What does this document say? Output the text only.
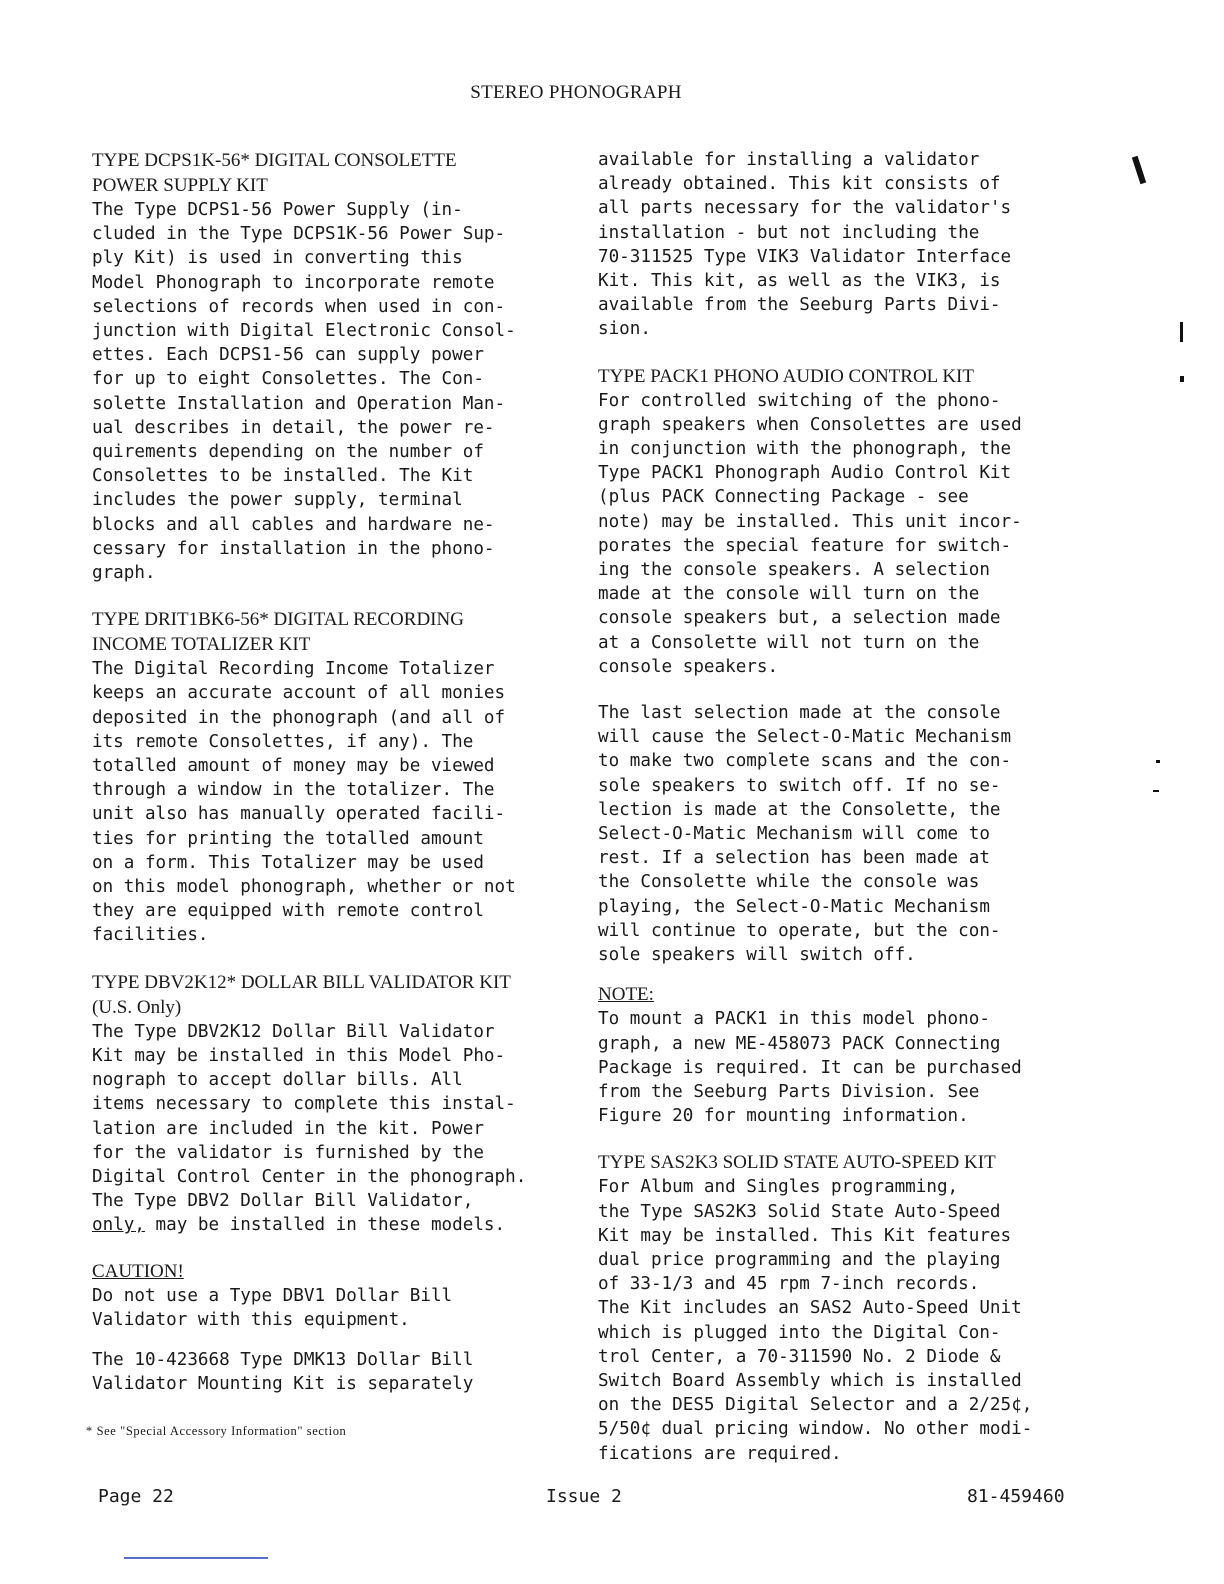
STEREO PHONOGRAPH

TYPE DCPS1K-56* DIGITAL CONSOLETTE
POWER SUPPLY KIT

The Type DCPS1-56 Power Supply (in-
cluded in the Type DCPS1K-56 Power Sup-
ply Kit) is used in converting this
Model Phonograph to incorporate remote
selections of records when used in con-
junction with Digital Electronic Consol-
ettes. Each DCPS1-56 can supply power
for up to eight Consolettes. The Con-
solette Installation and Operation Man-
ual describes in detail, the power re-
quirements depending on the number of
Consolettes to be installed. The Kit
includes the power supply, terminal
blocks and all cables and hardware ne-
cessary for installation in the phono-
graph.

TYPE DRIT1BK6-56* DIGITAL RECORDING
INCOME TOTALIZER KIT

The Digital Recording Income Totalizer
keeps an accurate account of all monies
deposited in the phonograph (and all of
its remote Consolettes, if any). The
totalled amount of money may be viewed
through a window in the totalizer. The
unit also has manually operated facili-
ties for printing the totalled amount
on a form. This Totalizer may be used
on this model phonograph, whether or not
they are equipped with remote control
facilities.

TYPE DBV2K12* DOLLAR BILL VALIDATOR KIT
(U.S. Only)

The Type DBV2K12 Dollar Bill Validator
Kit may be installed in this Model Pho-
nograph to accept dollar bills. All
items necessary to complete this instal-
lation are included in the kit. Power
for the validator is furnished by the
Digital Control Center in the phonograph.
The Type DBV2 Dollar Bill Validator,
only, may be installed in these models.

CAUTION!

Do not use a Type DBV1 Dollar Bill
Validator with this equipment.

The 10-423668 Type DMK13 Dollar Bill
Validator Mounting Kit is separately

available for installing a validator
already obtained. This kit consists of
all parts necessary for the validator's
installation - but not including the
70-311525 Type VIK3 Validator Interface
Kit. This kit, as well as the VIK3, is
available from the Seeburg Parts Divi-
sion.

TYPE PACK1 PHONO AUDIO CONTROL KIT

For controlled switching of the phono-
graph speakers when Consolettes are used
in conjunction with the phonograph, the
Type PACK1 Phonograph Audio Control Kit
(plus PACK Connecting Package - see
note) may be installed. This unit incor-
porates the special feature for switch-
ing the console speakers. A selection
made at the console will turn on the
console speakers but, a selection made
at a Consolette will not turn on the
console speakers.

The last selection made at the console
will cause the Select-O-Matic Mechanism
to make two complete scans and the con-
sole speakers to switch off. If no se-
lection is made at the Consolette, the
Select-O-Matic Mechanism will come to
rest. If a selection has been made at
the Consolette while the console was
playing, the Select-O-Matic Mechanism
will continue to operate, but the con-
sole speakers will switch off.

NOTE:

To mount a PACK1 in this model phono-
graph, a new ME-458073 PACK Connecting
Package is required. It can be purchased
from the Seeburg Parts Division. See
Figure 20 for mounting information.

TYPE SAS2K3 SOLID STATE AUTO-SPEED KIT

For Album and Singles programming,
the Type SAS2K3 Solid State Auto-Speed
Kit may be installed. This Kit features
dual price programming and the playing
of 33-1/3 and 45 rpm 7-inch records.
The Kit includes an SAS2 Auto-Speed Unit
which is plugged into the Digital Con-
trol Center, a 70-311590 No. 2 Diode &
Switch Board Assembly which is installed
on the DES5 Digital Selector and a 2/25¢,
5/50¢ dual pricing window. No other modi-
fications are required.

* See "Special Accessory Information" section
Page 22	Issue 2	81-459460
